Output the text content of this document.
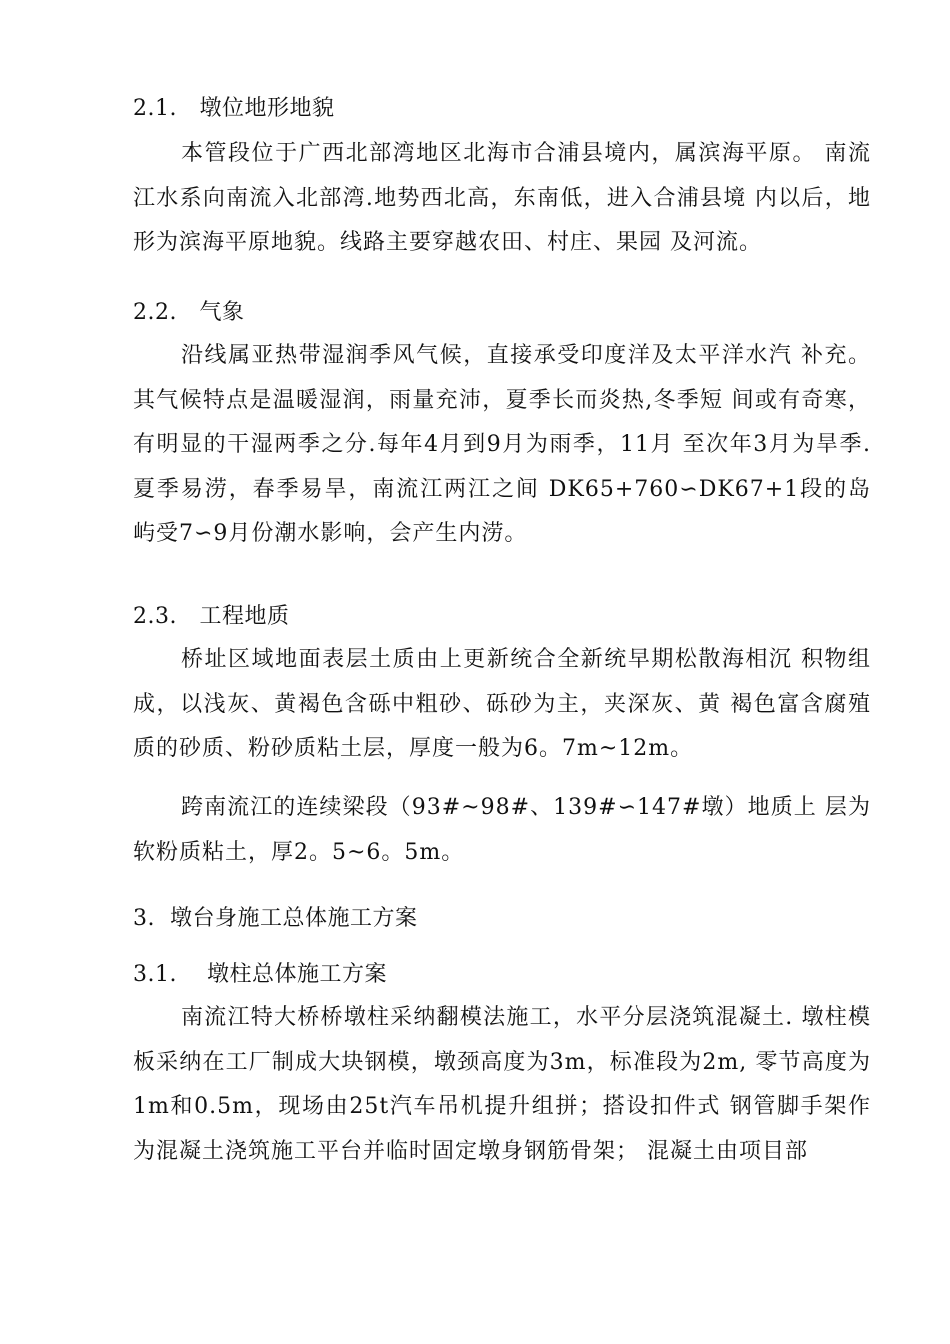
2.1.   墩位地形地貌

本管段位于广西北部湾地区北海市合浦县境内，属滨海平原。 南流江水系向南流入北部湾.地势西北高，东南低，进入合浦县境 内以后，地形为滨海平原地貌。线路主要穿越农田、村庄、果园 及河流。

2.2.   气象

沿线属亚热带湿润季风气候，直接承受印度洋及太平洋水汽 补充。其气候特点是温暖湿润，雨量充沛，夏季长而炎热,冬季短 间或有奇寒，有明显的干湿两季之分.每年4月到9月为雨季，11月 至次年3月为旱季.夏季易涝，春季易旱，南流江两江之间 DK65+760∽DK67+1段的岛屿受7∽9月份潮水影响，会产生内涝。

2.3.   工程地质

桥址区域地面表层土质由上更新统合全新统早期松散海相沉 积物组成，以浅灰、黄褐色含砾中粗砂、砾砂为主，夹深灰、黄 褐色富含腐殖质的砂质、粉砂质粘土层，厚度一般为6。7m~12m。

跨南流江的连续梁段（93#~98#、139#∽147#墩）地质上 层为软粉质粘土，厚2。5~6。5m。

3.  墩台身施工总体施工方案
3.1.    墩柱总体施工方案

南流江特大桥桥墩柱采纳翻模法施工，水平分层浇筑混凝土. 墩柱模板采纳在工厂制成大块钢模，墩颈高度为3m，标准段为2m, 零节高度为1m和0.5m，现场由25t汽车吊机提升组拼；搭设扣件式 钢管脚手架作为混凝土浇筑施工平台并临时固定墩身钢筋骨架； 混凝土由项目部
